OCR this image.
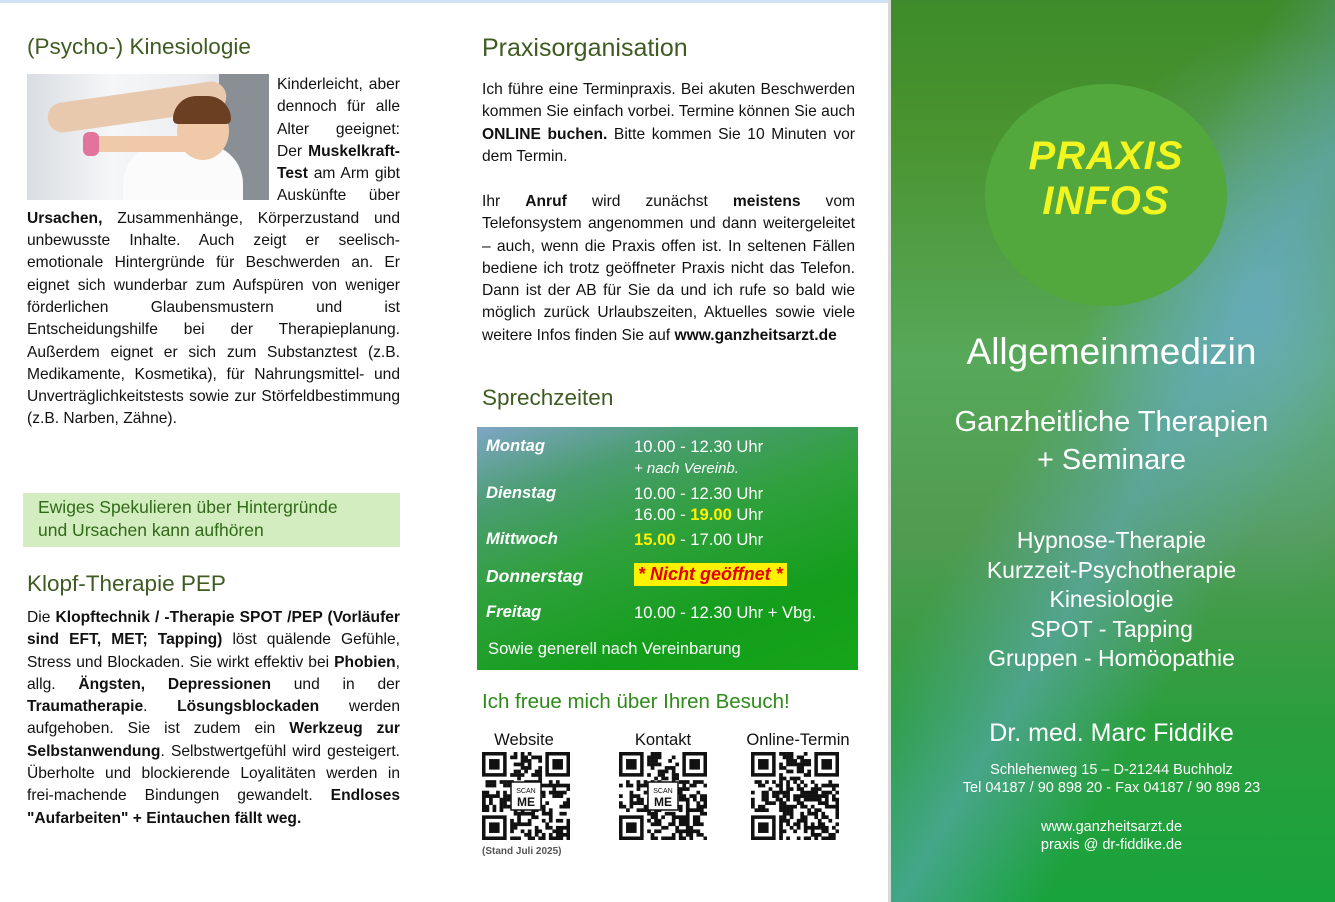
(Psycho-) Kinesiologie

Kinderleicht, aber dennoch für alle Alter geeignet: Der Muskelkraft-Test am Arm gibt Auskünfte über Ursachen, Zusammenhänge, Körperzustand und unbewusste Inhalte. Auch zeigt er seelisch-emotionale Hintergründe für Beschwerden an. Er eignet sich wunderbar zum Aufspüren von weniger förderlichen Glaubensmustern und ist Entscheidungshilfe bei der Therapieplanung. Außerdem eignet er sich zum Substanztest (z.B. Medikamente, Kosmetika), für Nahrungsmittel- und Unverträglichkeitstests sowie zur Störfeldbestimmung (z.B. Narben, Zähne).

Ewiges Spekulieren über Hintergründe
und Ursachen kann aufhören
Klopf-Therapie PEP

Die Klopftechnik / -Therapie SPOT /PEP (Vorläufer sind EFT, MET; Tapping) löst quälende Gefühle, Stress und Blockaden. Sie wirkt effektiv bei Phobien, allg. Ängsten, Depressionen und in der Traumatherapie. Lösungsblockaden werden aufgehoben. Sie ist zudem ein Werkzeug zur Selbstanwendung. Selbstwertgefühl wird gesteigert. Überholte und blockierende Loyalitäten werden in frei-machende Bindungen gewandelt. Endloses "Aufarbeiten" + Eintauchen fällt weg.

Praxisorganisation

Ich führe eine Terminpraxis. Bei akuten Beschwerden kommen Sie einfach vorbei. Termine können Sie auch ONLINE buchen. Bitte kommen Sie 10 Minuten vor dem Termin.

Ihr Anruf wird zunächst meistens vom Telefonsystem angenommen und dann weitergeleitet – auch, wenn die Praxis offen ist. In seltenen Fällen bediene ich trotz geöffneter Praxis nicht das Telefon. Dann ist der AB für Sie da und ich rufe so bald wie möglich zurück Urlaubszeiten, Aktuelles sowie viele weitere Infos finden Sie auf www.ganzheitsarzt.de

Sprechzeiten
Montag	10.00 - 12.30 Uhr
+ nach Vereinb.
Dienstag	10.00 - 12.30 Uhr
16.00 - 19.00 Uhr
Mittwoch	15.00 - 17.00 Uhr
Donnerstag	* Nicht geöffnet *
Freitag	10.00 - 12.30 Uhr + Vbg.
Sowie generell nach Vereinbarung
Ich freue mich über Ihren Besuch!
Website
SCAN
ME
Kontakt
SCAN
ME
Online-Termin
(Stand Juli 2025)
PRAXIS
INFOS
Allgemeinmedizin
Ganzheitliche Therapien
+ Seminare
Hypnose-Therapie
Kurzzeit-Psychotherapie
Kinesiologie
SPOT - Tapping
Gruppen - Homöopathie
Dr. med. Marc Fiddike
Schlehenweg 15 – D-21244 Buchholz
Tel 04187 / 90 898 20 - Fax 04187 / 90 898 23
www.ganzheitsarzt.de
praxis @ dr-fiddike.de
